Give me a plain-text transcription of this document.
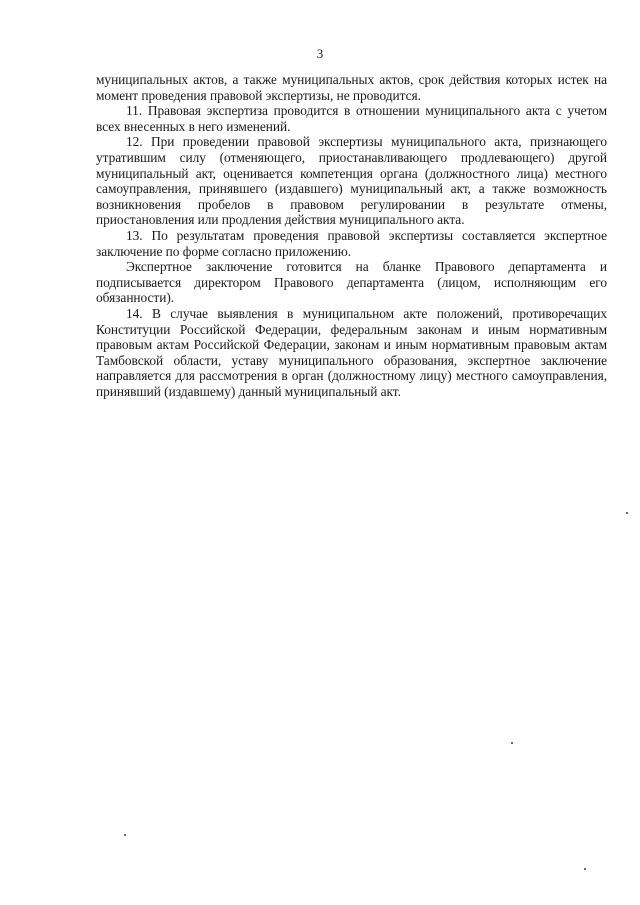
3

муниципальных актов, а также муниципальных актов, срок действия которых истек на момент проведения правовой экспертизы, не проводится.

11. Правовая экспертиза проводится в отношении муниципального акта с учетом всех внесенных в него изменений.

12. При проведении правовой экспертизы муниципального акта, признающего утратившим силу (отменяющего, приостанавливающего продлевающего) другой муниципальный акт, оценивается компетенция органа (должностного лица) местного самоуправления, принявшего (издавшего) муниципальный акт, а также возможность возникновения пробелов в правовом регулировании в результате отмены, приостановления или продления действия муниципального акта.

13. По результатам проведения правовой экспертизы составляется экспертное заключение по форме согласно приложению.

Экспертное заключение готовится на бланке Правового департамента и подписывается директором Правового департамента (лицом, исполняющим его обязанности).

14. В случае выявления в муниципальном акте положений, противоречащих Конституции Российской Федерации, федеральным законам и иным нормативным правовым актам Российской Федерации, законам и иным нормативным правовым актам Тамбовской области, уставу муниципального образования, экспертное заключение направляется для рассмотрения в орган (должностному лицу) местного самоуправления, принявший (издавшему) данный муниципальный акт.
